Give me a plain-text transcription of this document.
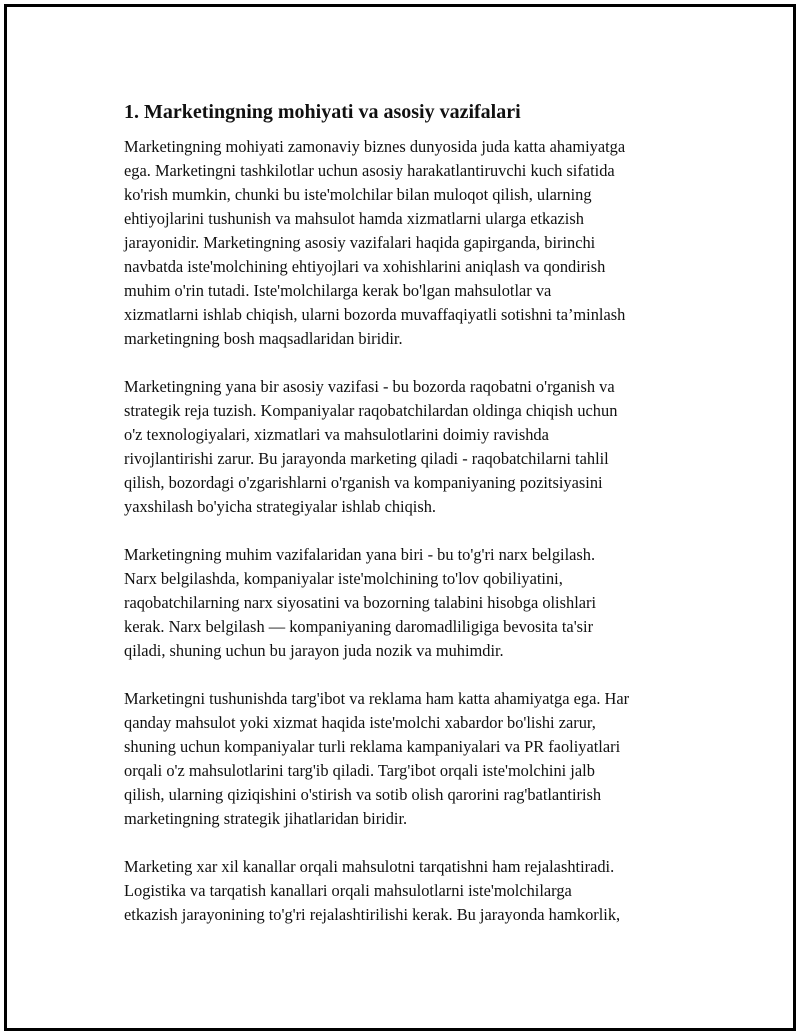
1. Marketingning mohiyati va asosiy vazifalari
Marketingning mohiyati zamonaviy biznes dunyosida juda katta ahamiyatga
ega. Marketingni tashkilotlar uchun asosiy harakatlantiruvchi kuch sifatida
ko'rish mumkin, chunki bu iste'molchilar bilan muloqot qilish, ularning
ehtiyojlarini tushunish va mahsulot hamda xizmatlarni ularga etkazish
jarayonidir. Marketingning asosiy vazifalari haqida gapirganda, birinchi
navbatda iste'molchining ehtiyojlari va xohishlarini aniqlash va qondirish
muhim o'rin tutadi. Iste'molchilarga kerak bo'lgan mahsulotlar va
xizmatlarni ishlab chiqish, ularni bozorda muvaffaqiyatli sotishni ta’minlash
marketingning bosh maqsadlaridan biridir.
Marketingning yana bir asosiy vazifasi - bu bozorda raqobatni o'rganish va
strategik reja tuzish. Kompaniyalar raqobatchilardan oldinga chiqish uchun
o'z texnologiyalari, xizmatlari va mahsulotlarini doimiy ravishda
rivojlantirishi zarur. Bu jarayonda marketing qiladi - raqobatchilarni tahlil
qilish, bozordagi o'zgarishlarni o'rganish va kompaniyaning pozitsiyasini
yaxshilash bo'yicha strategiyalar ishlab chiqish.
Marketingning muhim vazifalaridan yana biri - bu to'g'ri narx belgilash.
Narx belgilashda, kompaniyalar iste'molchining to'lov qobiliyatini,
raqobatchilarning narx siyosatini va bozorning talabini hisobga olishlari
kerak. Narx belgilash — kompaniyaning daromadliligiga bevosita ta'sir
qiladi, shuning uchun bu jarayon juda nozik va muhimdir.
Marketingni tushunishda targ'ibot va reklama ham katta ahamiyatga ega. Har
qanday mahsulot yoki xizmat haqida iste'molchi xabardor bo'lishi zarur,
shuning uchun kompaniyalar turli reklama kampaniyalari va PR faoliyatlari
orqali o'z mahsulotlarini targ'ib qiladi. Targ'ibot orqali iste'molchini jalb
qilish, ularning qiziqishini o'stirish va sotib olish qarorini rag'batlantirish
marketingning strategik jihatlaridan biridir.
Marketing xar xil kanallar orqali mahsulotni tarqatishni ham rejalashtiradi.
Logistika va tarqatish kanallari orqali mahsulotlarni iste'molchilarga
etkazish jarayonining to'g'ri rejalashtirilishi kerak. Bu jarayonda hamkorlik,
